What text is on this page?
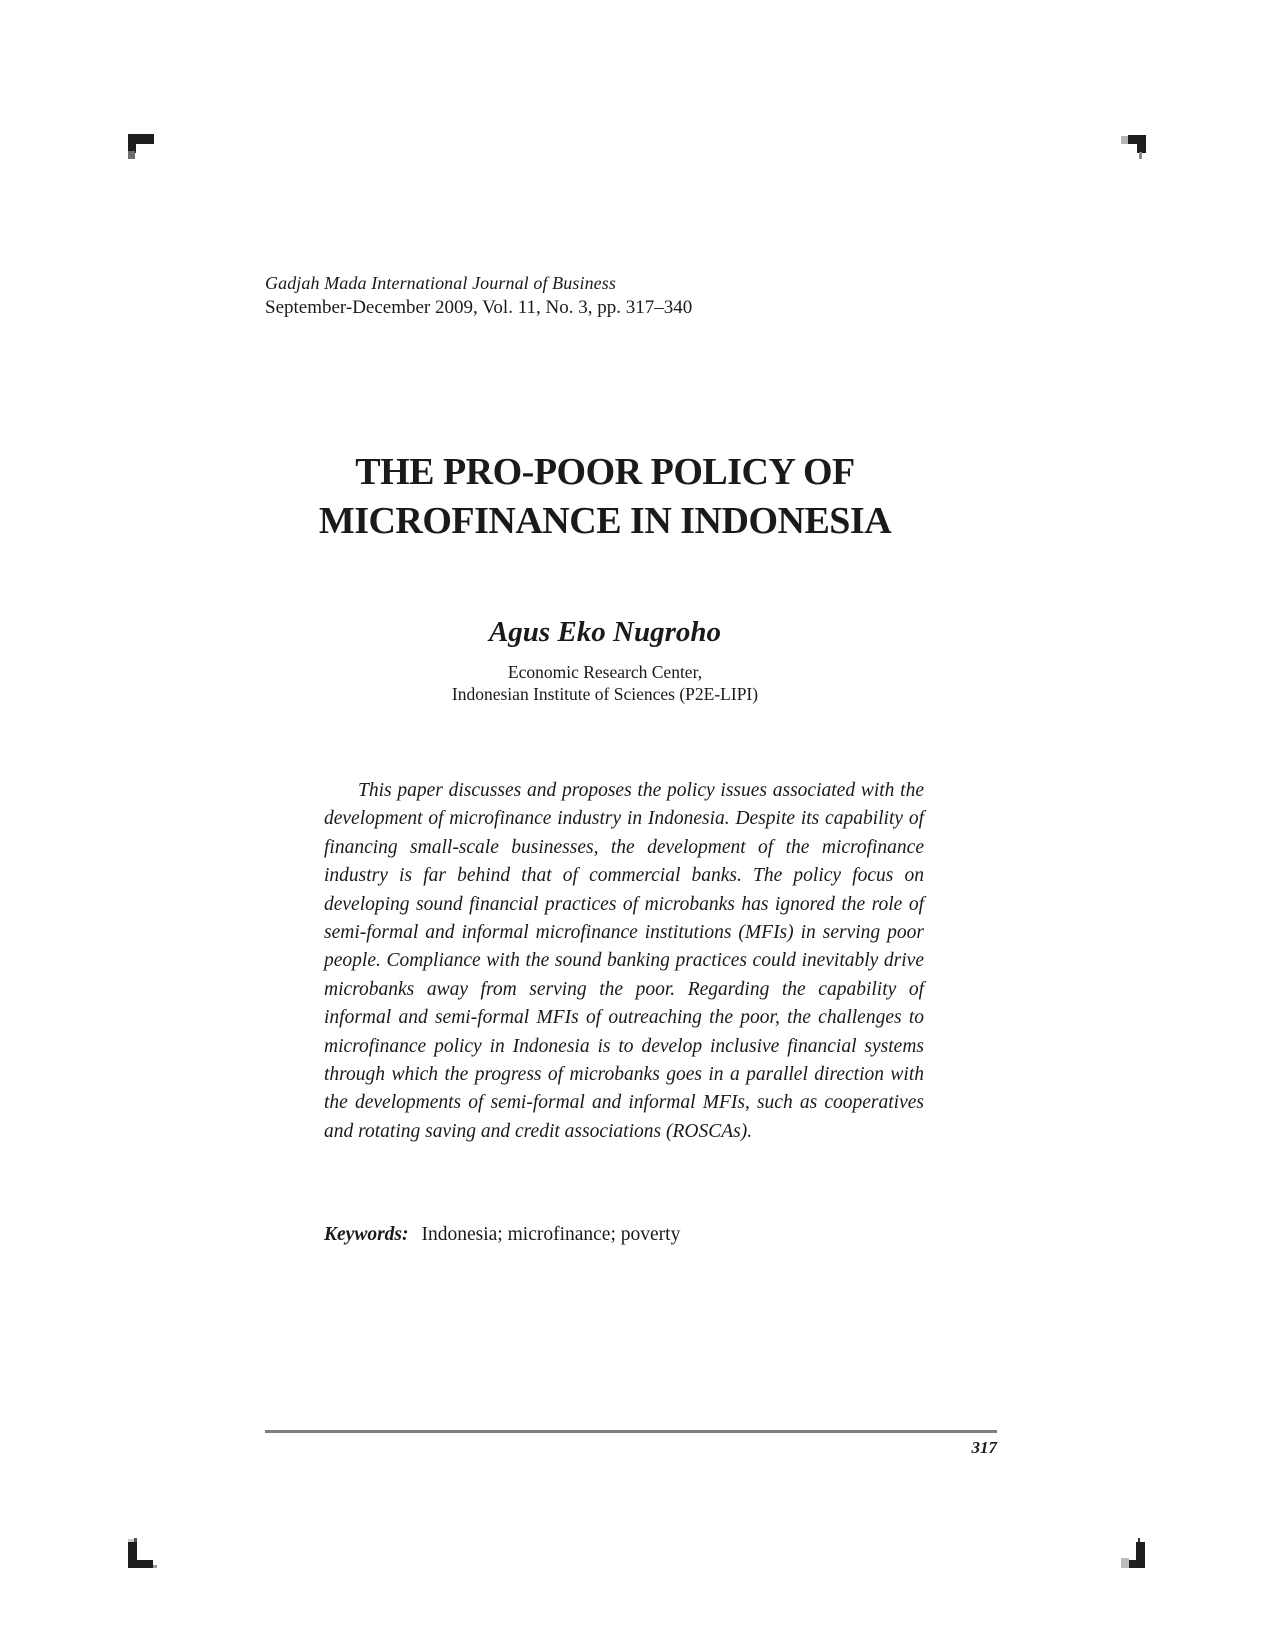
Gadjah Mada International Journal of Business
September-December 2009, Vol. 11, No. 3, pp. 317–340
THE PRO-POOR POLICY OF
MICROFINANCE IN INDONESIA
Agus Eko Nugroho
Economic Research Center,
Indonesian Institute of Sciences (P2E-LIPI)

This paper discusses and proposes the policy issues associated with the development of microfinance industry in Indonesia. Despite its capability of financing small-scale businesses, the development of the microfinance industry is far behind that of commercial banks. The policy focus on developing sound financial practices of microbanks has ignored the role of semi-formal and informal microfinance institutions (MFIs) in serving poor people. Compliance with the sound banking practices could inevitably drive microbanks away from serving the poor. Regarding the capability of informal and semi-formal MFIs of outreaching the poor, the challenges to microfinance policy in Indonesia is to develop inclusive financial systems through which the progress of microbanks goes in a parallel direction with the developments of semi-formal and informal MFIs, such as cooperatives and rotating saving and credit associations (ROSCAs).

Keywords: Indonesia; microfinance; poverty
317
